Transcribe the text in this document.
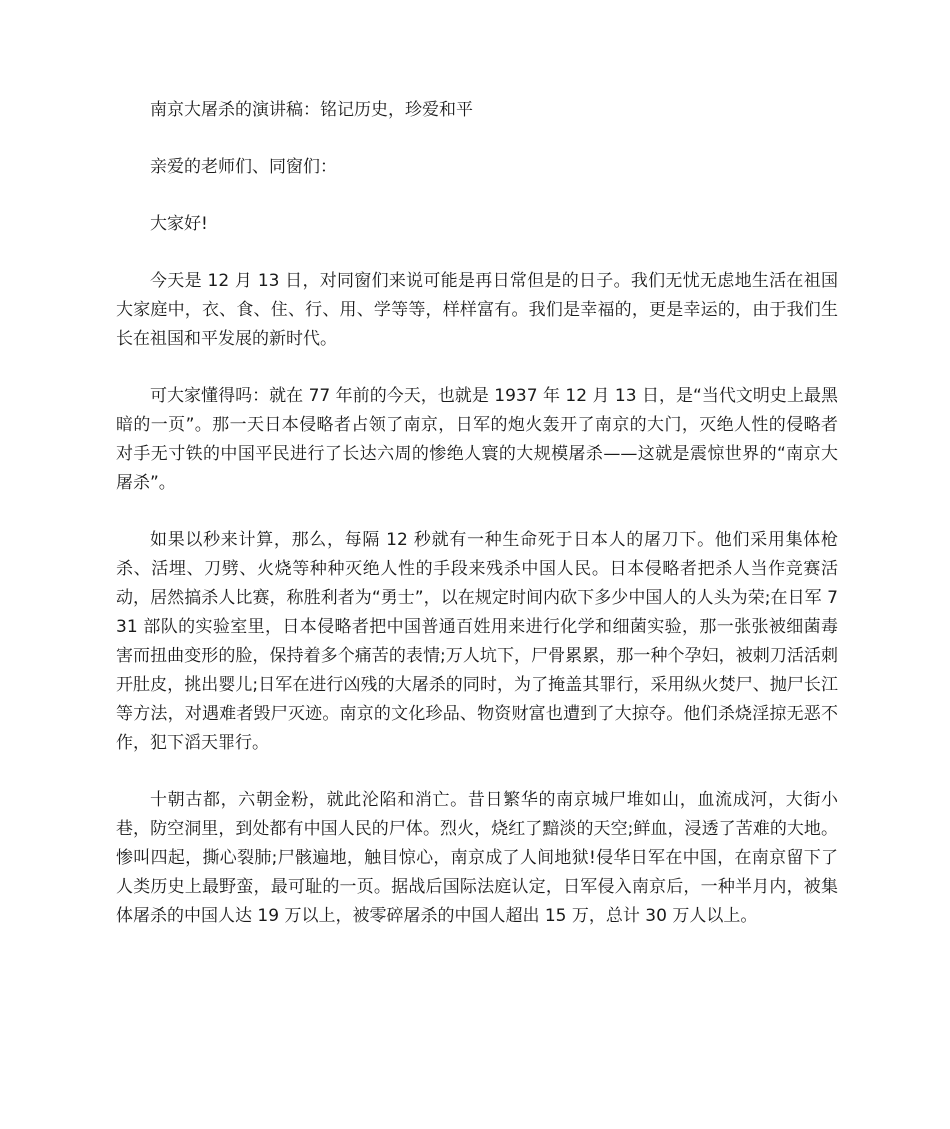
南京大屠杀的演讲稿：铭记历史，珍爱和平

亲爱的老师们、同窗们：

大家好!

今天是 12 月 13 日，对同窗们来说可能是再日常但是的日子。我们无忧无虑地生活在祖国大家庭中，衣、食、住、行、用、学等等，样样富有。我们是幸福的，更是幸运的，由于我们生长在祖国和平发展的新时代。

可大家懂得吗：就在 77 年前的今天，也就是 1937 年 12 月 13 日，是“当代文明史上最黑暗的一页”。那一天日本侵略者占领了南京，日军的炮火轰开了南京的大门，灭绝人性的侵略者对手无寸铁的中国平民进行了长达六周的惨绝人寰的大规模屠杀——这就是震惊世界的“南京大屠杀”。

如果以秒来计算，那么，每隔 12 秒就有一种生命死于日本人的屠刀下。他们采用集体枪杀、活埋、刀劈、火烧等种种灭绝人性的手段来残杀中国人民。日本侵略者把杀人当作竞赛活动，居然搞杀人比赛，称胜利者为“勇士”，以在规定时间内砍下多少中国人的人头为荣;在日军 731 部队的实验室里，日本侵略者把中国普通百姓用来进行化学和细菌实验，那一张张被细菌毒害而扭曲变形的脸，保持着多个痛苦的表情;万人坑下，尸骨累累，那一种个孕妇，被刺刀活活刺开肚皮，挑出婴儿;日军在进行凶残的大屠杀的同时，为了掩盖其罪行，采用纵火焚尸、抛尸长江等方法，对遇难者毁尸灭迹。南京的文化珍品、物资财富也遭到了大掠夺。他们杀烧淫掠无恶不作，犯下滔天罪行。

十朝古都，六朝金粉，就此沦陷和消亡。昔日繁华的南京城尸堆如山，血流成河，大街小巷，防空洞里，到处都有中国人民的尸体。烈火，烧红了黯淡的天空;鲜血，浸透了苦难的大地。惨叫四起，撕心裂肺;尸骸遍地，触目惊心，南京成了人间地狱!侵华日军在中国，在南京留下了人类历史上最野蛮，最可耻的一页。据战后国际法庭认定，日军侵入南京后，一种半月内，被集体屠杀的中国人达 19 万以上，被零碎屠杀的中国人超出 15 万，总计 30 万人以上。
